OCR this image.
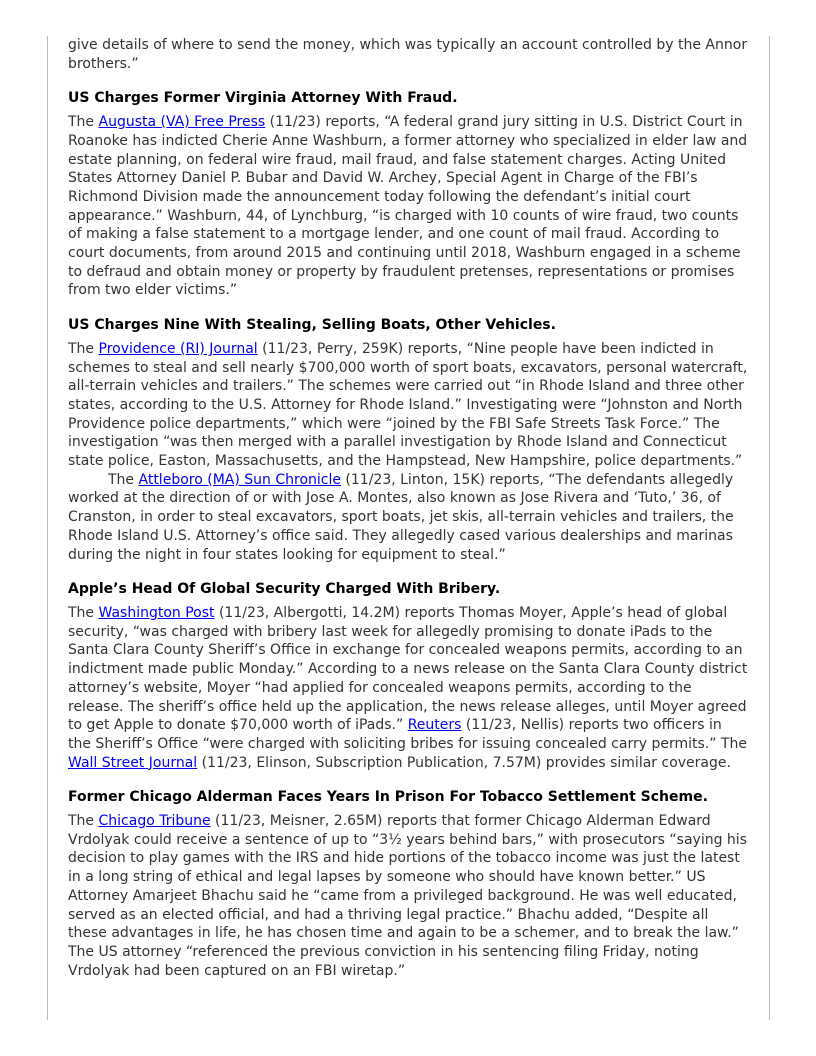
give details of where to send the money, which was typically an account controlled by the Annor brothers.”

US Charges Former Virginia Attorney With Fraud.

The Augusta (VA) Free Press (11/23) reports, “A federal grand jury sitting in U.S. District Court in Roanoke has indicted Cherie Anne Washburn, a former attorney who specialized in elder law and estate planning, on federal wire fraud, mail fraud, and false statement charges. Acting United States Attorney Daniel P. Bubar and David W. Archey, Special Agent in Charge of the FBI’s Richmond Division made the announcement today following the defendant’s initial court appearance.” Washburn, 44, of Lynchburg, “is charged with 10 counts of wire fraud, two counts of making a false statement to a mortgage lender, and one count of mail fraud. According to court documents, from around 2015 and continuing until 2018, Washburn engaged in a scheme to defraud and obtain money or property by fraudulent pretenses, representations or promises from two elder victims.”

US Charges Nine With Stealing, Selling Boats, Other Vehicles.

The Providence (RI) Journal (11/23, Perry, 259K) reports, “Nine people have been indicted in schemes to steal and sell nearly $700,000 worth of sport boats, excavators, personal watercraft, all-terrain vehicles and trailers.” The schemes were carried out “in Rhode Island and three other states, according to the U.S. Attorney for Rhode Island.” Investigating were “Johnston and North Providence police departments,” which were “joined by the FBI Safe Streets Task Force.” The investigation “was then merged with a parallel investigation by Rhode Island and Connecticut state police, Easton, Massachusetts, and the Hampstead, New Hampshire, police departments.”

The Attleboro (MA) Sun Chronicle (11/23, Linton, 15K) reports, “The defendants allegedly worked at the direction of or with Jose A. Montes, also known as Jose Rivera and ‘Tuto,’ 36, of Cranston, in order to steal excavators, sport boats, jet skis, all-terrain vehicles and trailers, the Rhode Island U.S. Attorney’s office said. They allegedly cased various dealerships and marinas during the night in four states looking for equipment to steal.”

Apple’s Head Of Global Security Charged With Bribery.

The Washington Post (11/23, Albergotti, 14.2M) reports Thomas Moyer, Apple’s head of global security, “was charged with bribery last week for allegedly promising to donate iPads to the Santa Clara County Sheriff’s Office in exchange for concealed weapons permits, according to an indictment made public Monday.” According to a news release on the Santa Clara County district attorney’s website, Moyer “had applied for concealed weapons permits, according to the release. The sheriff’s office held up the application, the news release alleges, until Moyer agreed to get Apple to donate $70,000 worth of iPads.” Reuters (11/23, Nellis) reports two officers in the Sheriff’s Office “were charged with soliciting bribes for issuing concealed carry permits.” The Wall Street Journal (11/23, Elinson, Subscription Publication, 7.57M) provides similar coverage.

Former Chicago Alderman Faces Years In Prison For Tobacco Settlement Scheme.

The Chicago Tribune (11/23, Meisner, 2.65M) reports that former Chicago Alderman Edward Vrdolyak could receive a sentence of up to “3½ years behind bars,” with prosecutors “saying his decision to play games with the IRS and hide portions of the tobacco income was just the latest in a long string of ethical and legal lapses by someone who should have known better.” US Attorney Amarjeet Bhachu said he “came from a privileged background. He was well educated, served as an elected official, and had a thriving legal practice.” Bhachu added, “Despite all these advantages in life, he has chosen time and again to be a schemer, and to break the law.” The US attorney “referenced the previous conviction in his sentencing filing Friday, noting Vrdolyak had been captured on an FBI wiretap.”
